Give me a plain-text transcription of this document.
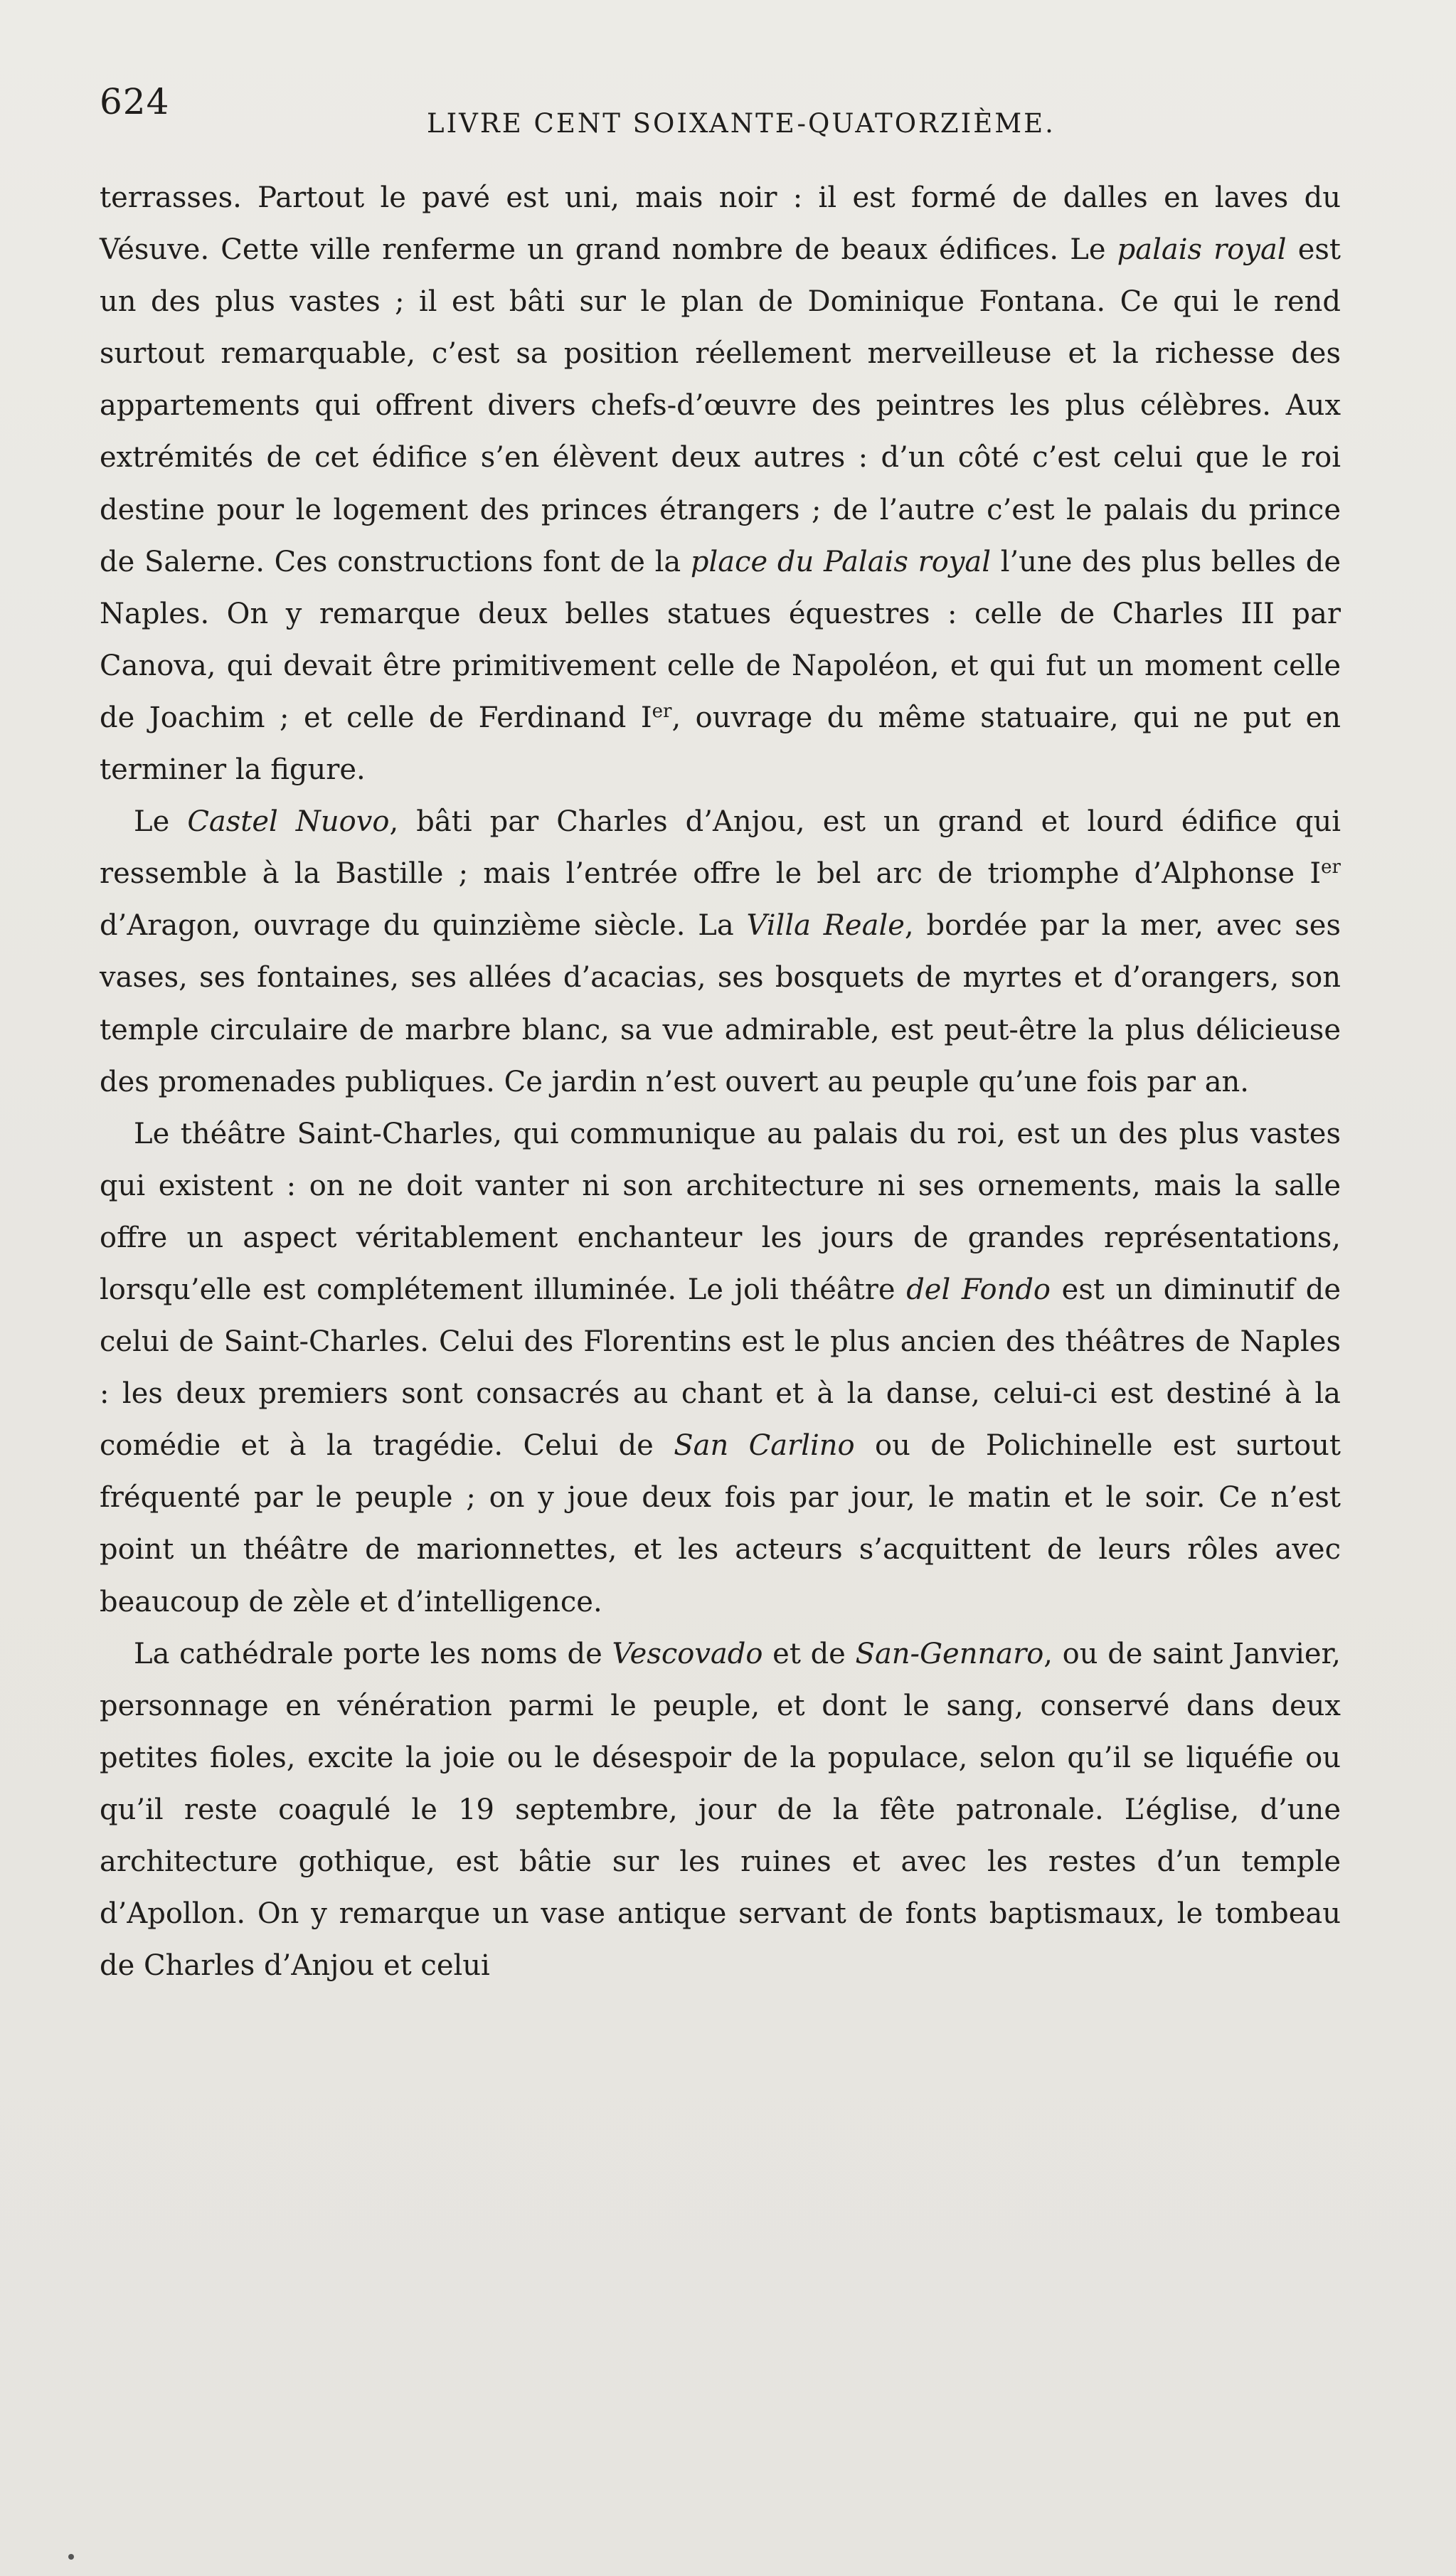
624
LIVRE CENT SOIXANTE-QUATORZIÈME.

terrasses. Partout le pavé est uni, mais noir : il est formé de dalles en laves du Vésuve. Cette ville renferme un grand nombre de beaux édifices. Le palais royal est un des plus vastes ; il est bâti sur le plan de Dominique Fontana. Ce qui le rend surtout remarquable, c’est sa position réellement merveilleuse et la richesse des appartements qui offrent divers chefs-d’œuvre des peintres les plus célèbres. Aux extrémités de cet édifice s’en élèvent deux autres : d’un côté c’est celui que le roi destine pour le logement des princes étrangers ; de l’autre c’est le palais du prince de Salerne. Ces constructions font de la place du Palais royal l’une des plus belles de Naples. On y remarque deux belles statues équestres : celle de Charles III par Canova, qui devait être primitivement celle de Napoléon, et qui fut un moment celle de Joachim ; et celle de Ferdinand Ier, ouvrage du même statuaire, qui ne put en terminer la figure.

Le Castel Nuovo, bâti par Charles d’Anjou, est un grand et lourd édifice qui ressemble à la Bastille ; mais l’entrée offre le bel arc de triomphe d’Alphonse Ier d’Aragon, ouvrage du quinzième siècle. La Villa Reale, bordée par la mer, avec ses vases, ses fontaines, ses allées d’acacias, ses bosquets de myrtes et d’orangers, son temple circulaire de marbre blanc, sa vue admirable, est peut-être la plus délicieuse des promenades publiques. Ce jardin n’est ouvert au peuple qu’une fois par an.

Le théâtre Saint-Charles, qui communique au palais du roi, est un des plus vastes qui existent : on ne doit vanter ni son architecture ni ses ornements, mais la salle offre un aspect véritablement enchanteur les jours de grandes représentations, lorsqu’elle est complétement illuminée. Le joli théâtre del Fondo est un diminutif de celui de Saint-Charles. Celui des Florentins est le plus ancien des théâtres de Naples : les deux premiers sont consacrés au chant et à la danse, celui-ci est destiné à la comédie et à la tragédie. Celui de San Carlino ou de Polichinelle est surtout fréquenté par le peuple ; on y joue deux fois par jour, le matin et le soir. Ce n’est point un théâtre de marionnettes, et les acteurs s’acquittent de leurs rôles avec beaucoup de zèle et d’intelligence.

La cathédrale porte les noms de Vescovado et de San-Gennaro, ou de saint Janvier, personnage en vénération parmi le peuple, et dont le sang, conservé dans deux petites fioles, excite la joie ou le désespoir de la populace, selon qu’il se liquéfie ou qu’il reste coagulé le 19 septembre, jour de la fête patronale. L’église, d’une architecture gothique, est bâtie sur les ruines et avec les restes d’un temple d’Apollon. On y remarque un vase antique servant de fonts baptismaux, le tombeau de Charles d’Anjou et celui
